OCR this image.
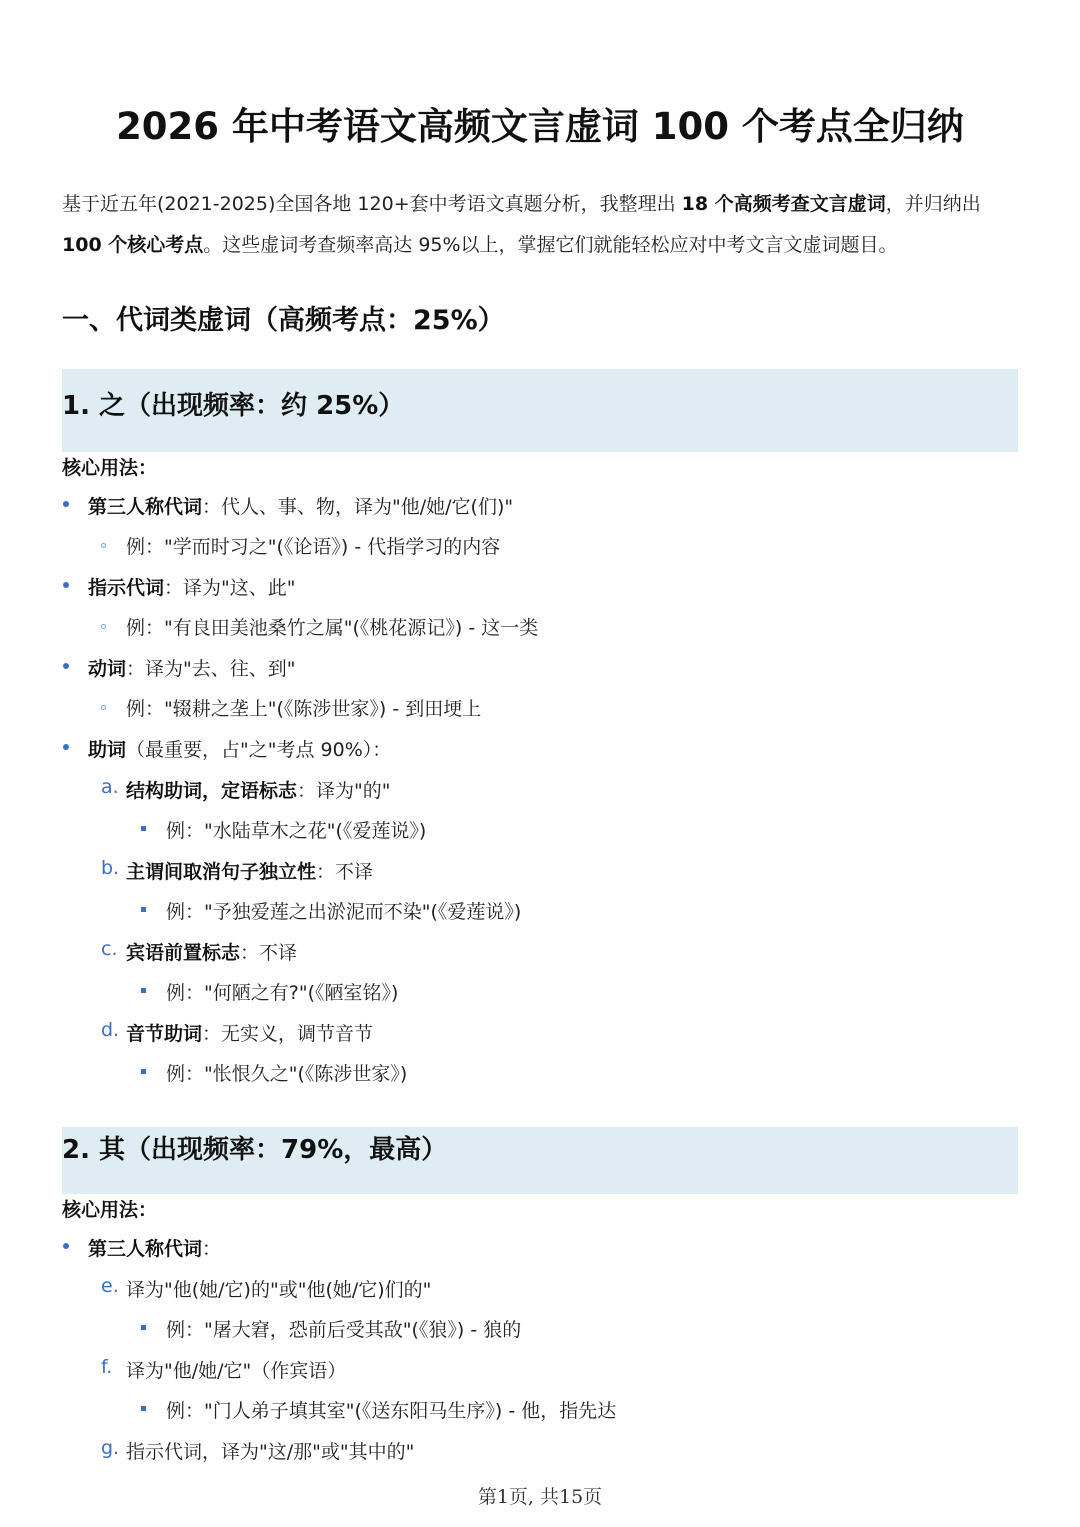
2026 年中考语文高频文言虚词 100 个考点全归纳
基于近五年(2021-2025)全国各地 120+套中考语文真题分析，我整理出 18 个高频考查文言虚词，并归纳出
100 个核心考点。这些虚词考查频率高达 95%以上，掌握它们就能轻松应对中考文言文虚词题目。
一、代词类虚词（高频考点：25%）
1. 之（出现频率：约 25%）
核心用法：
第三人称代词：代人、事、物，译为"他/她/它(们)"
例："学而时习之"(《论语》) - 代指学习的内容
指示代词：译为"这、此"
例："有良田美池桑竹之属"(《桃花源记》) - 这一类
动词：译为"去、往、到"
例："辍耕之垄上"(《陈涉世家》) - 到田埂上
助词（最重要，占"之"考点 90%）：
a. 结构助词，定语标志：译为"的"
例："水陆草木之花"(《爱莲说》)
b. 主谓间取消句子独立性：不译
例："予独爱莲之出淤泥而不染"(《爱莲说》)
c. 宾语前置标志：不译
例："何陋之有?"(《陋室铭》)
d. 音节助词：无实义，调节音节
例："怅恨久之"(《陈涉世家》)
2. 其（出现频率：79%，最高）
核心用法：
第三人称代词：
e. 译为"他(她/它)的"或"他(她/它)们的"
例："屠大窘，恐前后受其敌"(《狼》) - 狼的
f. 译为"他/她/它"（作宾语）
例："门人弟子填其室"(《送东阳马生序》) - 他，指先达
g. 指示代词，译为"这/那"或"其中的"
第1页, 共15页
